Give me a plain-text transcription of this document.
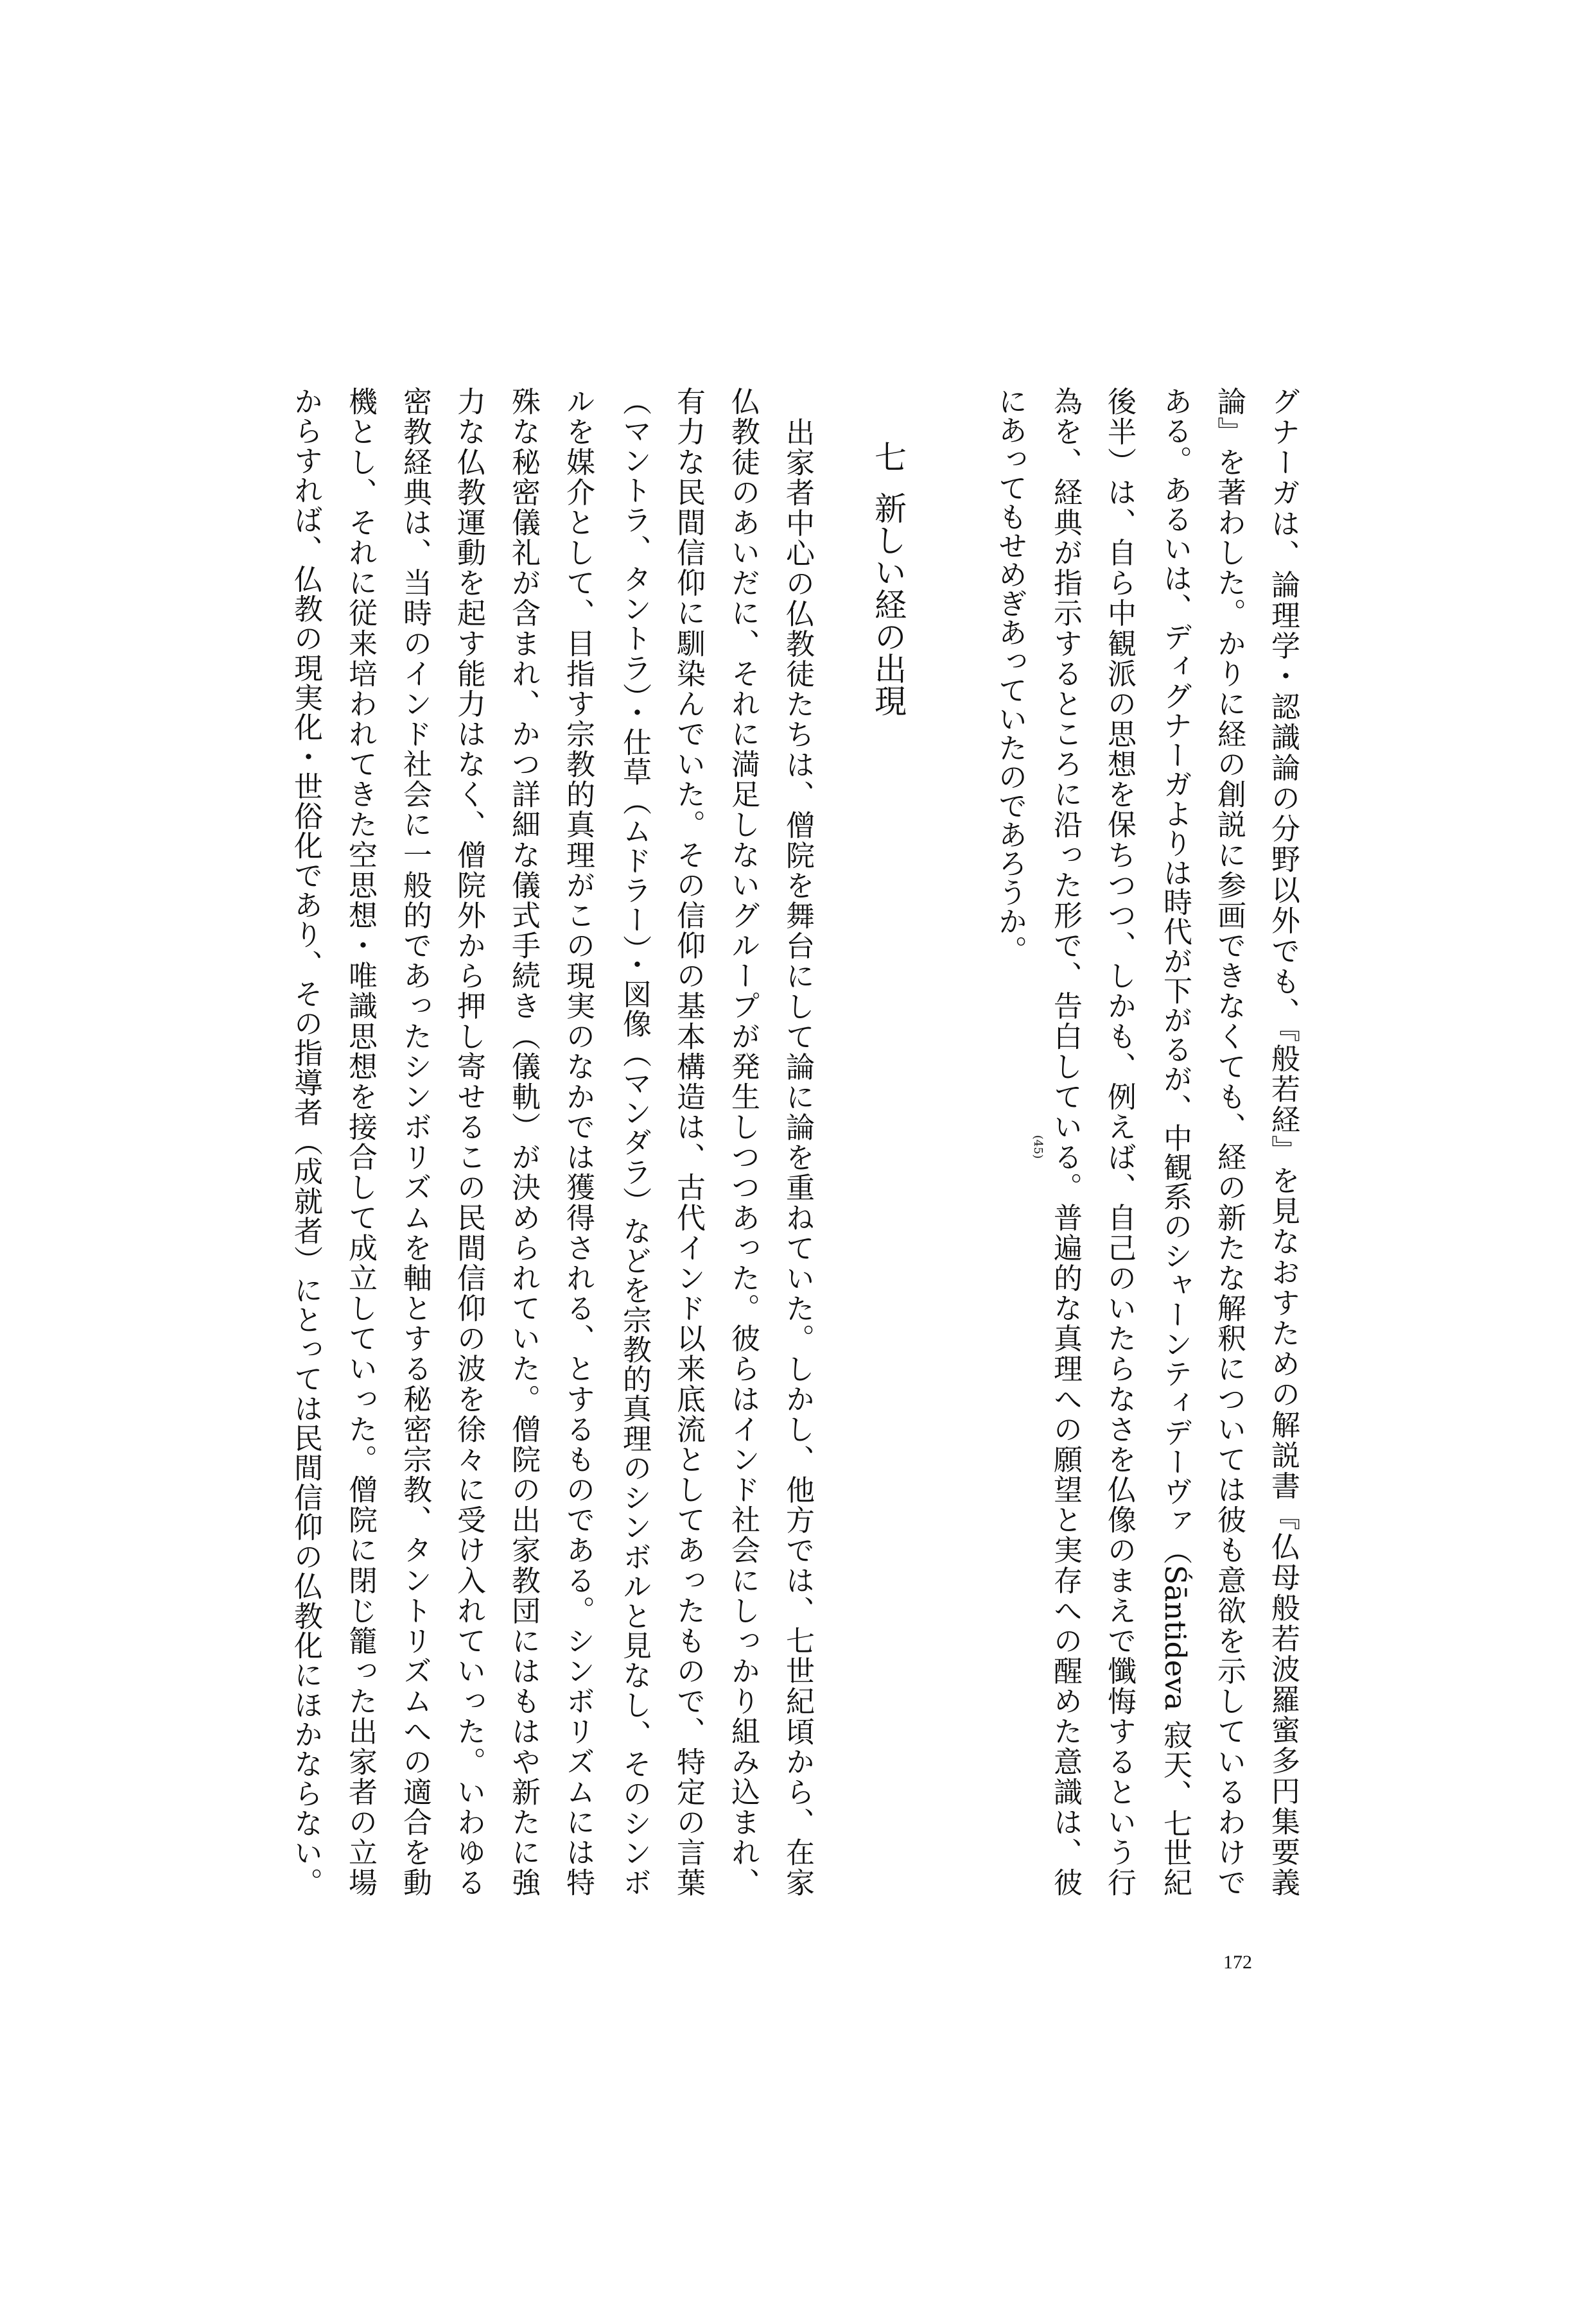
グナーガは、論理学・認識論の分野以外でも、『般若経』を見なおすための解説書『仏母般若波羅蜜多円集要義
論』を著わした。かりに経の創説に参画できなくても、経の新たな解釈については彼も意欲を示しているわけで
ある。あるいは、ディグナーガよりは時代が下がるが、中観系のシャーンティデーヴァ（Śāntideva 寂天、七世紀
後半）は、自ら中観派の思想を保ちつつ、しかも、例えば、自己のいたらなさを仏像のまえで懺悔するという行
為を、経典が指示するところに沿った形で、告白している。普遍的な真理への願望と実存への醒めた意識は、彼
(45)
にあってもせめぎあっていたのであろうか。
七新しい経の出現
出家者中心の仏教徒たちは、僧院を舞台にして論に論を重ねていた。しかし、他方では、七世紀頃から、在家
仏教徒のあいだに、それに満足しないグループが発生しつつあった。彼らはインド社会にしっかり組み込まれ、
有力な民間信仰に馴染んでいた。その信仰の基本構造は、古代インド以来底流としてあったもので、特定の言葉
（マントラ、タントラ）・仕草（ムドラー）・図像（マンダラ）などを宗教的真理のシンボルと見なし、そのシンボ
ルを媒介として、目指す宗教的真理がこの現実のなかでは獲得される、とするものである。シンボリズムには特
殊な秘密儀礼が含まれ、かつ詳細な儀式手続き（儀軌）が決められていた。僧院の出家教団にはもはや新たに強
力な仏教運動を起す能力はなく、僧院外から押し寄せるこの民間信仰の波を徐々に受け入れていった。いわゆる
密教経典は、当時のインド社会に一般的であったシンボリズムを軸とする秘密宗教、タントリズムへの適合を動
機とし、それに従来培われてきた空思想・唯識思想を接合して成立していった。僧院に閉じ籠った出家者の立場
からすれば、仏教の現実化・世俗化であり、その指導者（成就者）にとっては民間信仰の仏教化にほかならない。
172
